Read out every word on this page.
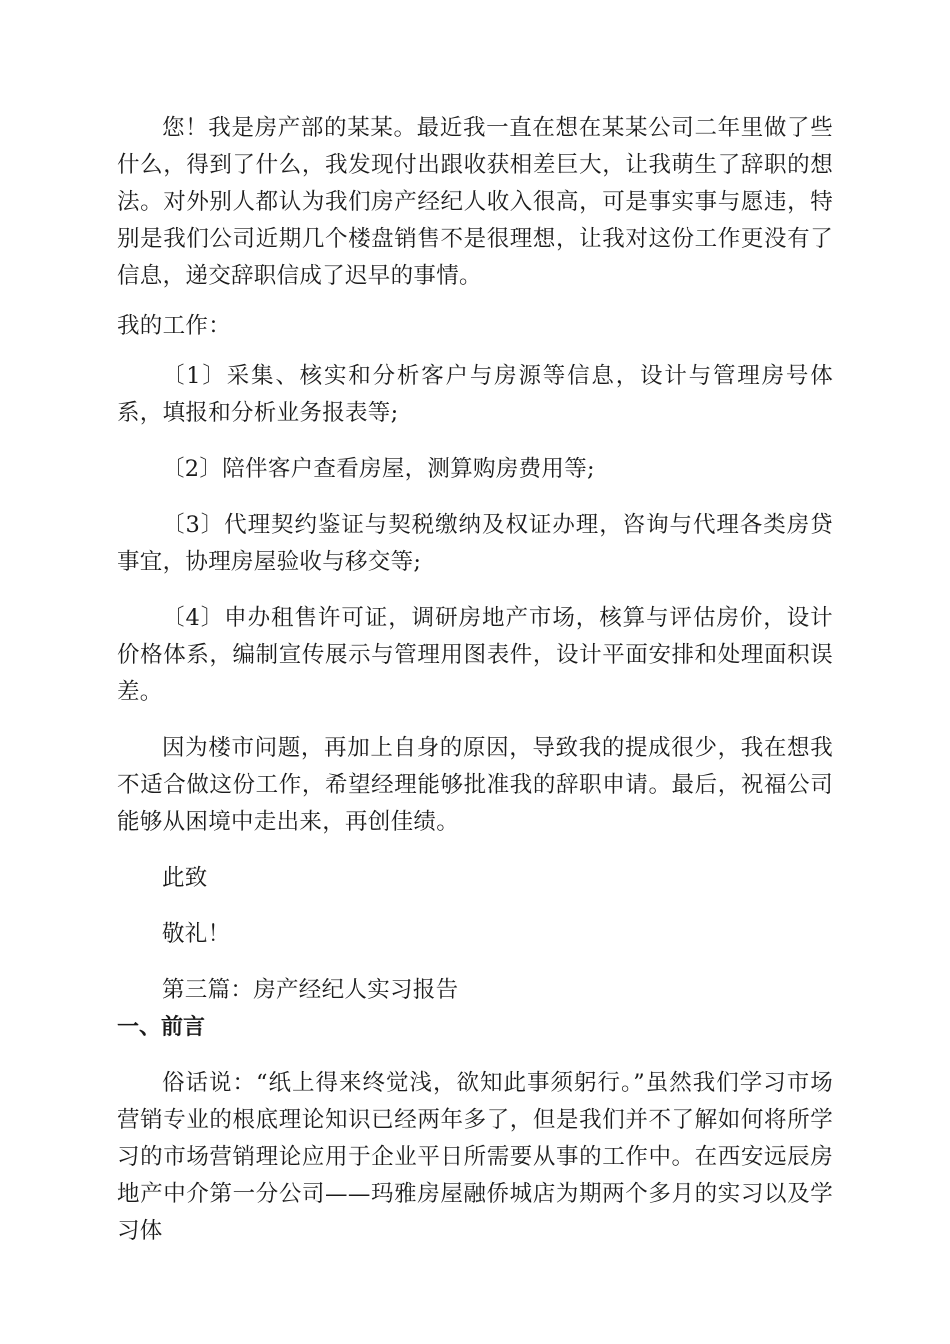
您！我是房产部的某某。最近我一直在想在某某公司二年里做了些什么，得到了什么，我发现付出跟收获相差巨大，让我萌生了辞职的想法。对外别人都认为我们房产经纪人收入很高，可是事实事与愿违，特别是我们公司近期几个楼盘销售不是很理想，让我对这份工作更没有了信息，递交辞职信成了迟早的事情。

我的工作：

〔1〕采集、核实和分析客户与房源等信息，设计与管理房号体系，填报和分析业务报表等;

〔2〕陪伴客户查看房屋，测算购房费用等;

〔3〕代理契约鉴证与契税缴纳及权证办理，咨询与代理各类房贷事宜，协理房屋验收与移交等;

〔4〕申办租售许可证，调研房地产市场，核算与评估房价，设计价格体系，编制宣传展示与管理用图表件，设计平面安排和处理面积误差。

因为楼市问题，再加上自身的原因，导致我的提成很少，我在想我不适合做这份工作，希望经理能够批准我的辞职申请。最后，祝福公司能够从困境中走出来，再创佳绩。

此致

敬礼！

第三篇：房产经纪人实习报告

一、前言

俗话说：“纸上得来终觉浅，欲知此事须躬行。”虽然我们学习市场营销专业的根底理论知识已经两年多了，但是我们并不了解如何将所学习的市场营销理论应用于企业平日所需要从事的工作中。在西安远辰房地产中介第一分公司——玛雅房屋融侨城店为期两个多月的实习以及学习体
